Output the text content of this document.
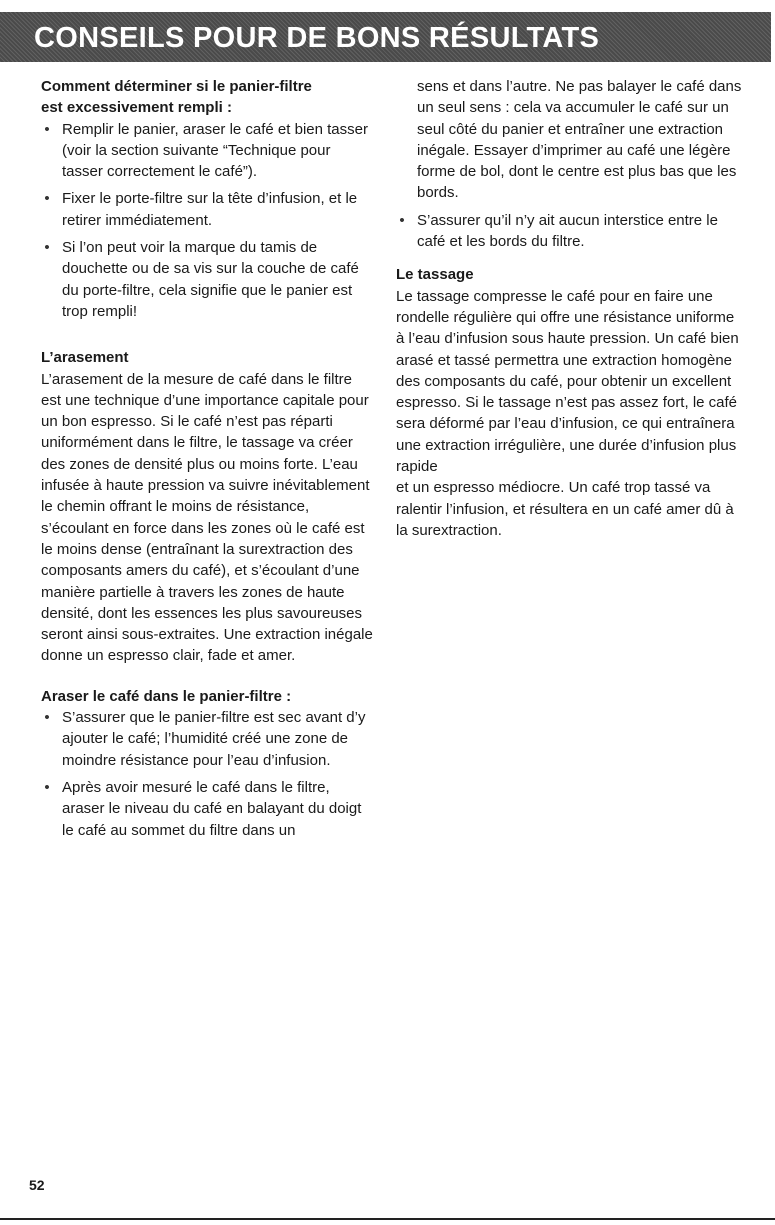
CONSEILS POUR DE BONS RÉSULTATS
Comment déterminer si le panier-filtre
est excessivement rempli :
• Remplir le panier, araser le café et bien tasser (voir la section suivante “Technique pour tasser correctement le café”).
• Fixer le porte-filtre sur la tête d’infusion, et le retirer immédiatement.
• Si l’on peut voir la marque du tamis de douchette ou de sa vis sur la couche de café du porte-filtre, cela signifie que le panier est trop rempli!
L’arasement

L’arasement de la mesure de café dans le filtre est une technique d’une importance capitale pour un bon espresso. Si le café n’est pas réparti uniformément dans le filtre, le tassage va créer des zones de densité plus ou moins forte. L’eau infusée à haute pression va suivre inévitablement le chemin offrant le moins de résistance, s’écoulant en force dans les zones où le café est le moins dense (entraînant la surextraction des composants amers du café), et s’écoulant d’une manière partielle à travers les zones de haute densité, dont les essences les plus savoureuses seront ainsi sous-extraites. Une extraction inégale donne un espresso clair, fade et amer.

Araser le café dans le panier-filtre :
• S’assurer que le panier-filtre est sec avant d’y ajouter le café; l’humidité créé une zone de moindre résistance pour l’eau d’infusion.
• Après avoir mesuré le café dans le filtre, araser le niveau du café en balayant du doigt le café au sommet du filtre dans un
sens et dans l’autre. Ne pas balayer le café dans un seul sens : cela va accumuler le café sur un seul côté du panier et entraîner une extraction inégale. Essayer d’imprimer au café une légère forme de bol, dont le centre est plus bas que les bords.
• S’assurer qu’il n’y ait aucun interstice entre le café et les bords du filtre.
Le tassage

Le tassage compresse le café pour en faire une rondelle régulière qui offre une résistance uniforme à l’eau d’infusion sous haute pression. Un café bien arasé et tassé permettra une extraction homogène des composants du café, pour obtenir un excellent espresso. Si le tassage n’est pas assez fort, le café sera déformé par l’eau d’infusion, ce qui entraînera une extraction irrégulière, une durée d’infusion plus rapide

et un espresso médiocre. Un café trop tassé va ralentir l’infusion, et résultera en un café amer dû à la surextraction.

52
